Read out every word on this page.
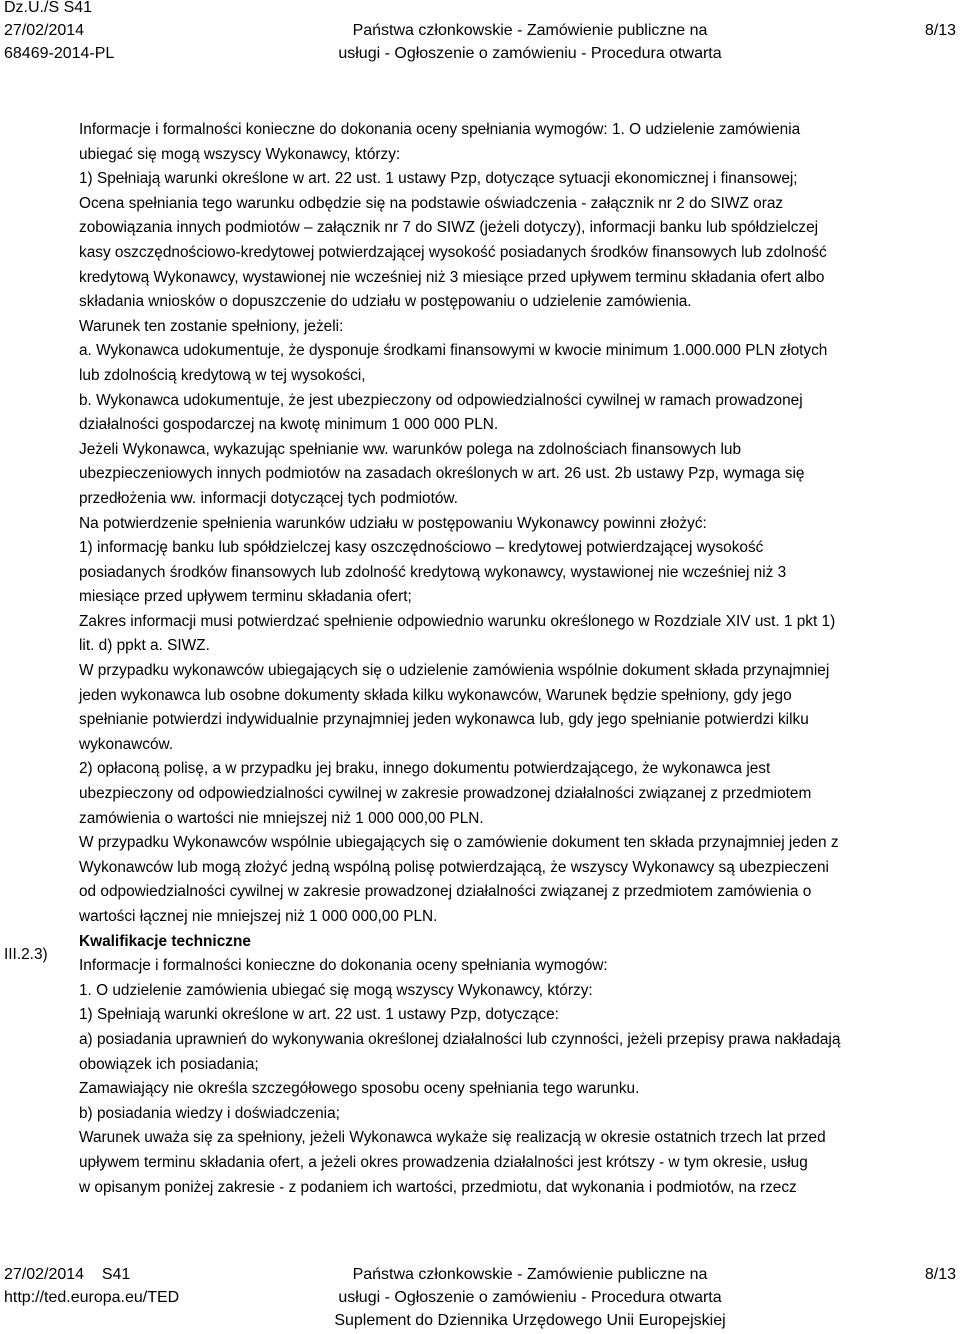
Dz.U./S S41
27/02/2014
68469-2014-PL
Państwa członkowskie - Zamówienie publiczne na
usługi - Ogłoszenie o zamówieniu - Procedura otwarta
8/13
Informacje i formalności konieczne do dokonania oceny spełniania wymogów: 1. O udzielenie zamówienia
ubiegać się mogą wszyscy Wykonawcy, którzy:
1) Spełniają warunki określone w art. 22 ust. 1 ustawy Pzp, dotyczące sytuacji ekonomicznej i finansowej;
Ocena spełniania tego warunku odbędzie się na podstawie oświadczenia - załącznik nr 2 do SIWZ oraz
zobowiązania innych podmiotów – załącznik nr 7 do SIWZ (jeżeli dotyczy), informacji banku lub spółdzielczej
kasy oszczędnościowo-kredytowej potwierdzającej wysokość posiadanych środków finansowych lub zdolność
kredytową Wykonawcy, wystawionej nie wcześniej niż 3 miesiące przed upływem terminu składania ofert albo
składania wniosków o dopuszczenie do udziału w postępowaniu o udzielenie zamówienia.
Warunek ten zostanie spełniony, jeżeli:
a. Wykonawca udokumentuje, że dysponuje środkami finansowymi w kwocie minimum 1.000.000 PLN złotych
lub zdolnością kredytową w tej wysokości,
b. Wykonawca udokumentuje, że jest ubezpieczony od odpowiedzialności cywilnej w ramach prowadzonej
działalności gospodarczej na kwotę minimum 1 000 000 PLN.
Jeżeli Wykonawca, wykazując spełnianie ww. warunków polega na zdolnościach finansowych lub
ubezpieczeniowych innych podmiotów na zasadach określonych w art. 26 ust. 2b ustawy Pzp, wymaga się
przedłożenia ww. informacji dotyczącej tych podmiotów.
Na potwierdzenie spełnienia warunków udziału w postępowaniu Wykonawcy powinni złożyć:
1) informację banku lub spółdzielczej kasy oszczędnościowo – kredytowej potwierdzającej wysokość
posiadanych środków finansowych lub zdolność kredytową wykonawcy, wystawionej nie wcześniej niż 3
miesiące przed upływem terminu składania ofert;
Zakres informacji musi potwierdzać spełnienie odpowiednio warunku określonego w Rozdziale XIV ust. 1 pkt 1)
lit. d) ppkt a. SIWZ.
W przypadku wykonawców ubiegających się o udzielenie zamówienia wspólnie dokument składa przynajmniej
jeden wykonawca lub osobne dokumenty składa kilku wykonawców, Warunek będzie spełniony, gdy jego
spełnianie potwierdzi indywidualnie przynajmniej jeden wykonawca lub, gdy jego spełnianie potwierdzi kilku
wykonawców.
2) opłaconą polisę, a w przypadku jej braku, innego dokumentu potwierdzającego, że wykonawca jest
ubezpieczony od odpowiedzialności cywilnej w zakresie prowadzonej działalności związanej z przedmiotem
zamówienia o wartości nie mniejszej niż 1 000 000,00 PLN.
W przypadku Wykonawców wspólnie ubiegających się o zamówienie dokument ten składa przynajmniej jeden z
Wykonawców lub mogą złożyć jedną wspólną polisę potwierdzającą, że wszyscy Wykonawcy są ubezpieczeni
od odpowiedzialności cywilnej w zakresie prowadzonej działalności związanej z przedmiotem zamówienia o
wartości łącznej nie mniejszej niż 1 000 000,00 PLN.
Kwalifikacje techniczne
Informacje i formalności konieczne do dokonania oceny spełniania wymogów:
1. O udzielenie zamówienia ubiegać się mogą wszyscy Wykonawcy, którzy:
1) Spełniają warunki określone w art. 22 ust. 1 ustawy Pzp, dotyczące:
a) posiadania uprawnień do wykonywania określonej działalności lub czynności, jeżeli przepisy prawa nakładają
obowiązek ich posiadania;
Zamawiający nie określa szczegółowego sposobu oceny spełniania tego warunku.
b) posiadania wiedzy i doświadczenia;
Warunek uważa się za spełniony, jeżeli Wykonawca wykaże się realizacją w okresie ostatnich trzech lat przed
upływem terminu składania ofert, a jeżeli okres prowadzenia działalności jest krótszy - w tym okresie, usług
w opisanym poniżej zakresie - z podaniem ich wartości, przedmiotu, dat wykonania i podmiotów, na rzecz
III.2.3)
27/02/2014    S41
http://ted.europa.eu/TED
Państwa członkowskie - Zamówienie publiczne na
usługi - Ogłoszenie o zamówieniu - Procedura otwarta
Suplement do Dziennika Urzędowego Unii Europejskiej
8/13
